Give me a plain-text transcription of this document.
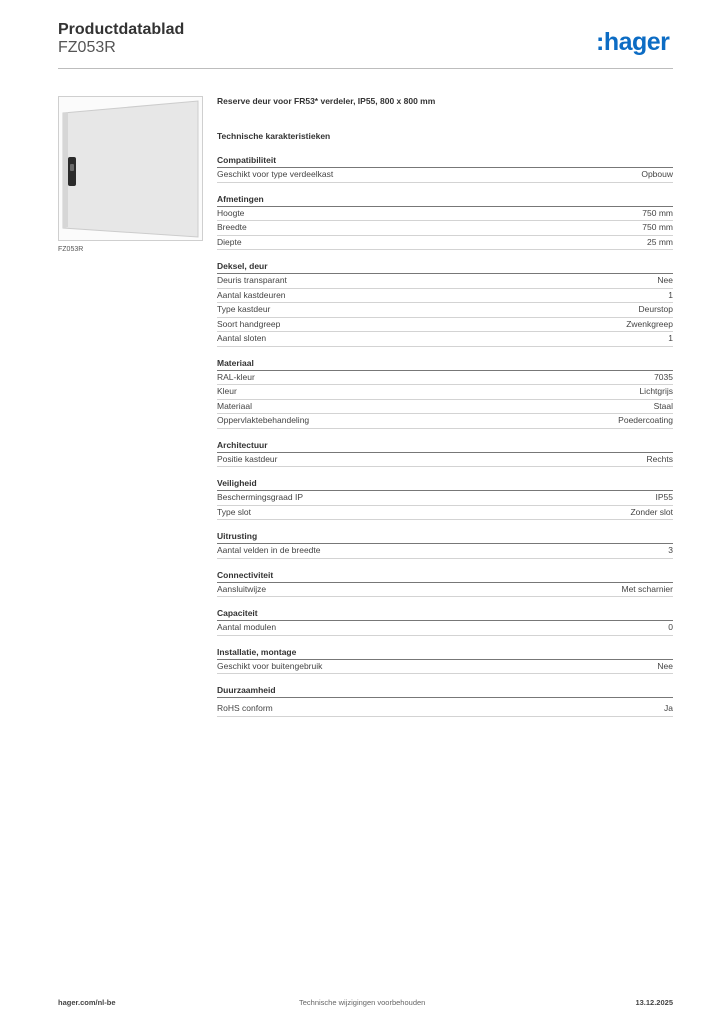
Productdatablad
FZ053R	:hager
FZ053R
Reserve deur voor FR53* verdeler, IP55, 800 x 800 mm
Technische karakteristieken
Compatibiliteit
Geschikt voor type verdeelkast	Opbouw
Afmetingen
Hoogte	750 mm
Breedte	750 mm
Diepte	25 mm
Deksel, deur
Deuris transparant	Nee
Aantal kastdeuren	1
Type kastdeur	Deurstop
Soort handgreep	Zwenkgreep
Aantal sloten	1
Materiaal
RAL-kleur	7035
Kleur	Lichtgrijs
Materiaal	Staal
Oppervlaktebehandeling	Poedercoating
Architectuur
Positie kastdeur	Rechts
Veiligheid
Beschermingsgraad IP	IP55
Type slot	Zonder slot
Uitrusting
Aantal velden in de breedte	3
Connectiviteit
Aansluitwijze	Met scharnier
Capaciteit
Aantal modulen	0
Installatie, montage
Geschikt voor buitengebruik	Nee
Duurzaamheid
RoHS conform	Ja
hager.com/nl-be	Technische wijzigingen voorbehouden	13.12.2025
